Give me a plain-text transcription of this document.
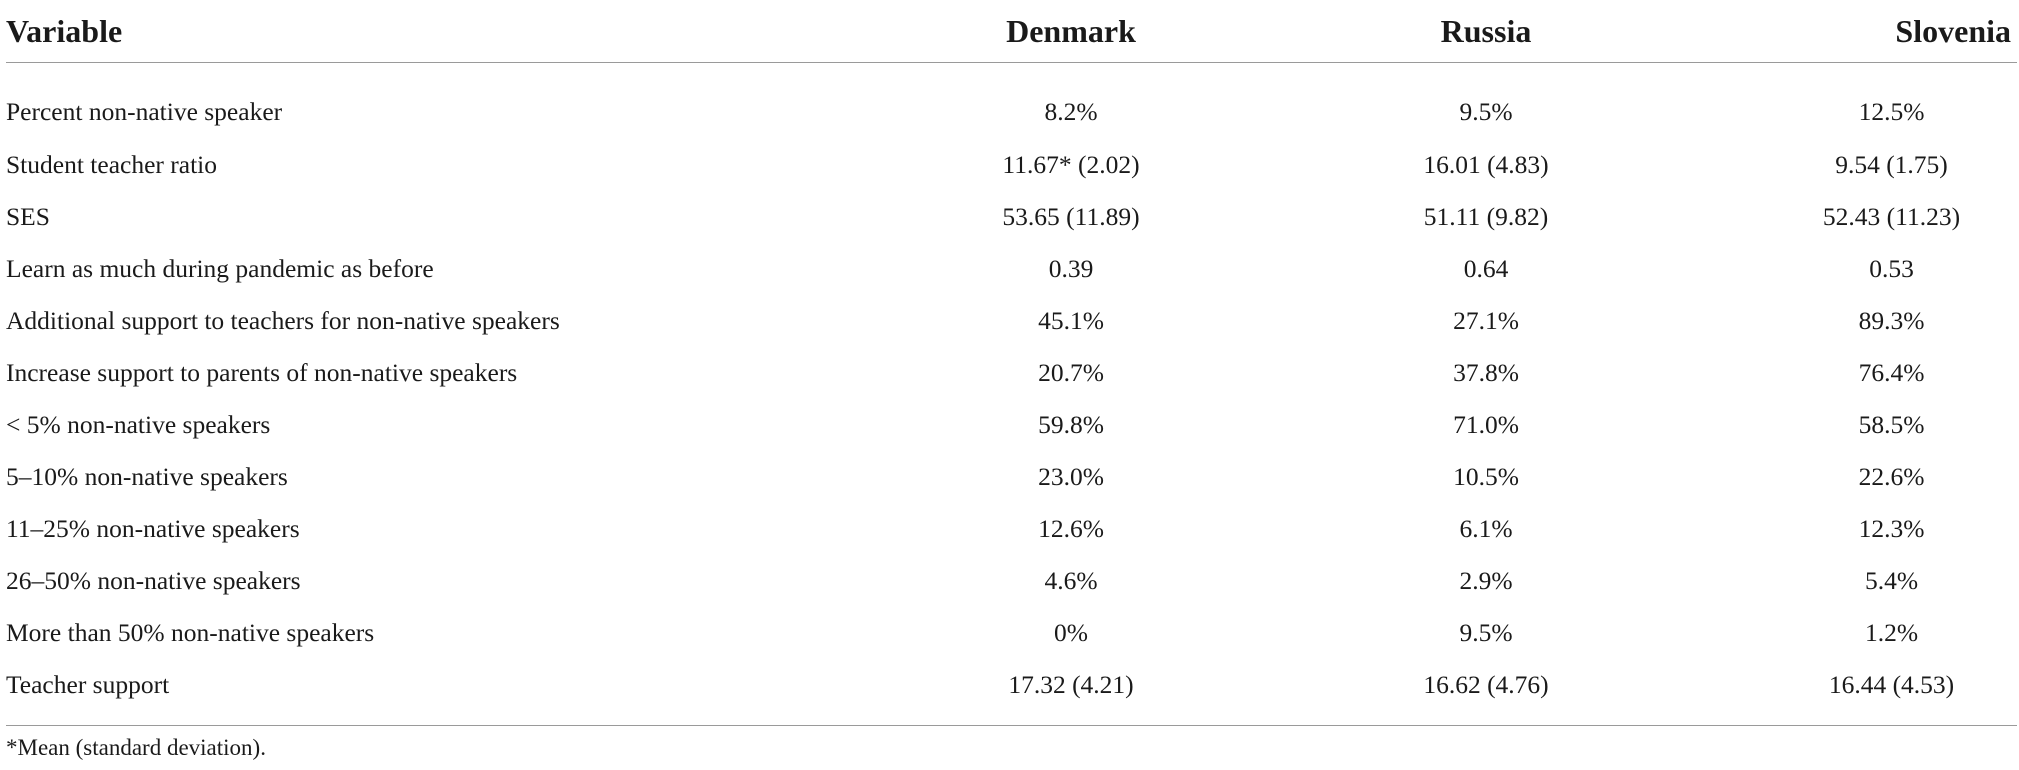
Variable	Denmark	Russia	Slovenia
Percent non-native speaker	8.2%	9.5%	12.5%
Student teacher ratio	11.67* (2.02)	16.01 (4.83)	9.54 (1.75)
SES	53.65 (11.89)	51.11 (9.82)	52.43 (11.23)
Learn as much during pandemic as before	0.39	0.64	0.53
Additional support to teachers for non-native speakers	45.1%	27.1%	89.3%
Increase support to parents of non-native speakers	20.7%	37.8%	76.4%
< 5% non-native speakers	59.8%	71.0%	58.5%
5–10% non-native speakers	23.0%	10.5%	22.6%
11–25% non-native speakers	12.6%	6.1%	12.3%
26–50% non-native speakers	4.6%	2.9%	5.4%
More than 50% non-native speakers	0%	9.5%	1.2%
Teacher support	17.32 (4.21)	16.62 (4.76)	16.44 (4.53)
*Mean (standard deviation).
